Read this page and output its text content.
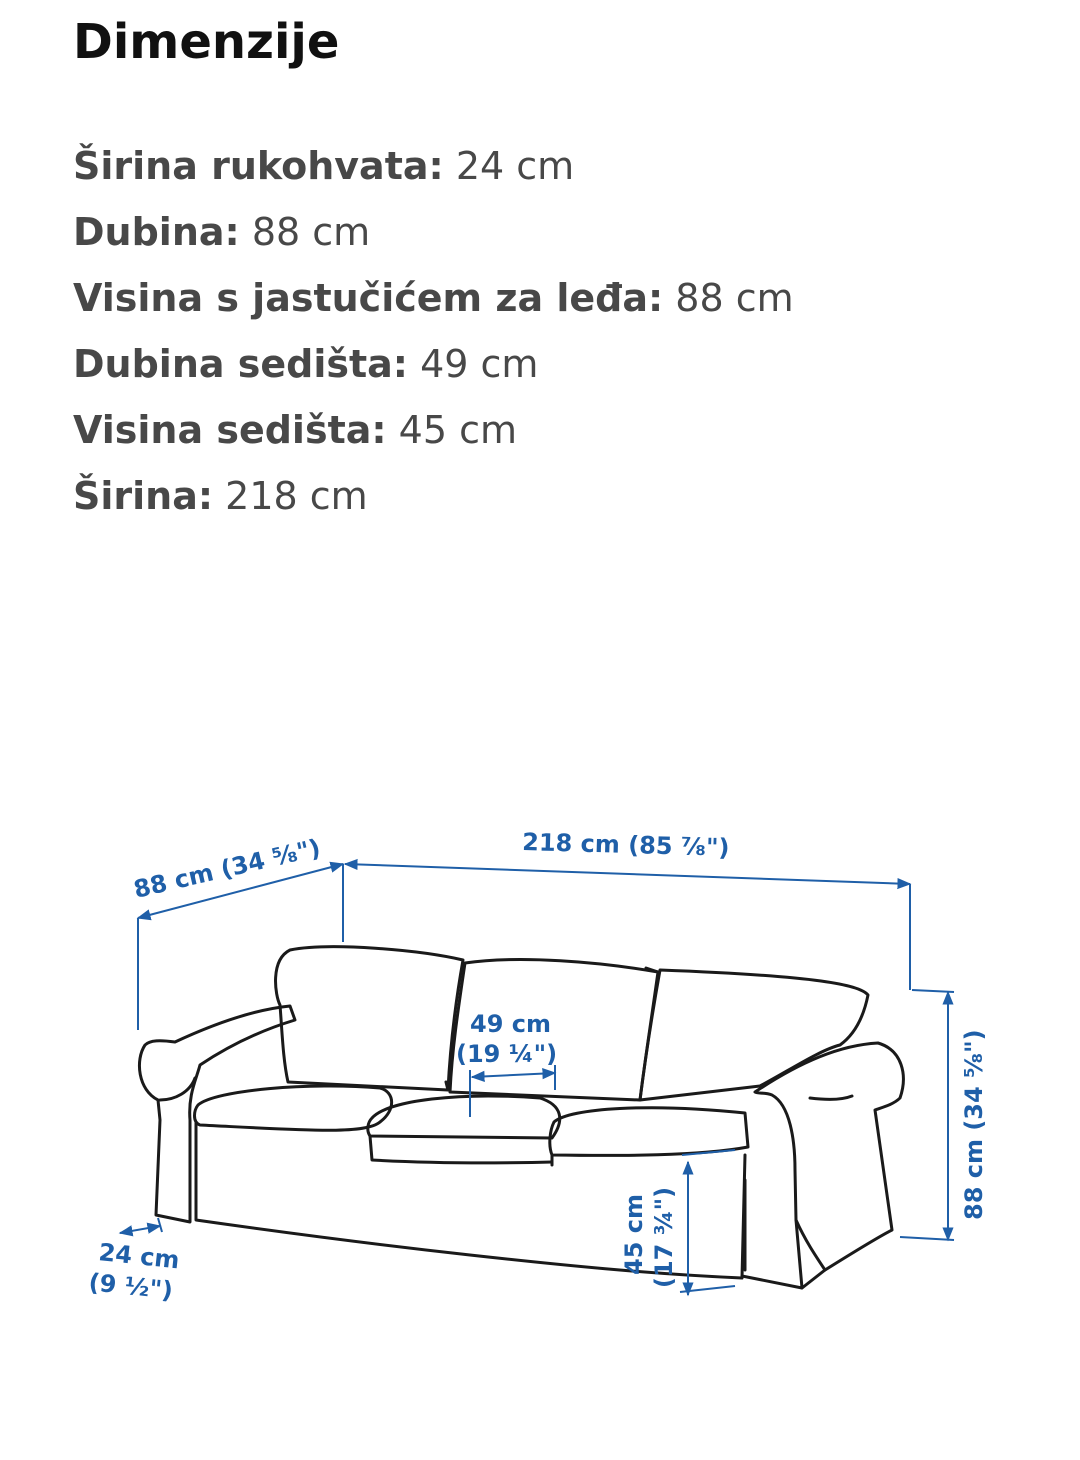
Dimenzije
Širina rukohvata: 24 cm
Dubina: 88 cm
Visina s jastučićem za leđa: 88 cm
Dubina sedišta: 49 cm
Visina sedišta: 45 cm
Širina: 218 cm
88 cm (34 ⁵⁄₈")	218 cm (85 ⁷⁄₈")
88 cm (34 ⁵⁄₈")
49 cm
(19 ¼")
45 cm (17 ¾")
24 cm
(9 ½")
